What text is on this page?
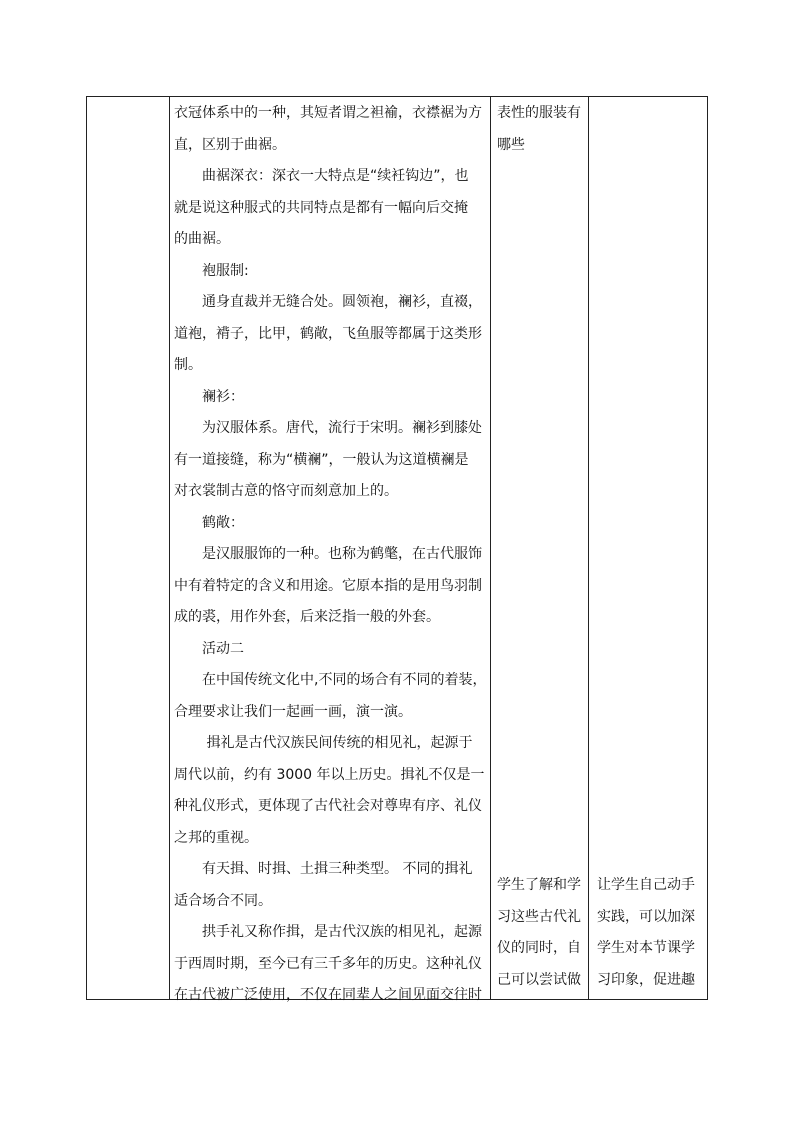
衣冠体系中的一种，其短者谓之袒褕，衣襟裾为方

直，区别于曲裾。

　　曲裾深衣：深衣一大特点是“续衽钩边”，也

就是说这种服式的共同特点是都有一幅向后交掩

的曲裾。

　　袍服制:

　　通身直裁并无缝合处。圆领袍，襕衫，直裰，

道袍，褙子，比甲，鹤敞，飞鱼服等都属于这类形

制。

　　襕衫：

　　为汉服体系。唐代，流行于宋明。襕衫到膝处

有一道接缝，称为“横襕”，一般认为这道横襕是

对衣裳制古意的恪守而刻意加上的。

　　鹤敞：

　　是汉服服饰的一种。也称为鹤氅，在古代服饰

中有着特定的含义和用途。它原本指的是用鸟羽制

成的裘，用作外套，后来泛指一般的外套。

　　活动二

　　在中国传统文化中,不同的场合有不同的着装，

合理要求让我们一起画一画，演一演。

　　 揖礼是古代汉族民间传统的相见礼，起源于

周代以前，约有 3000 年以上历史。揖礼不仅是一

种礼仪形式，更体现了古代社会对尊卑有序、礼仪

之邦的重视。

　　有天揖、时揖、土揖三种类型。 不同的揖礼

适合场合不同。

　　拱手礼又称作揖，是古代汉族的相见礼，起源

于西周时期，至今已有三千多年的历史。这种礼仪

在古代被广泛使用，不仅在同辈人之间见面交往时

表性的服装有

哪些

学生了解和学

习这些古代礼

仪的同时，自

己可以尝试做

让学生自己动手

实践，可以加深

学生对本节课学

习印象，促进趣
